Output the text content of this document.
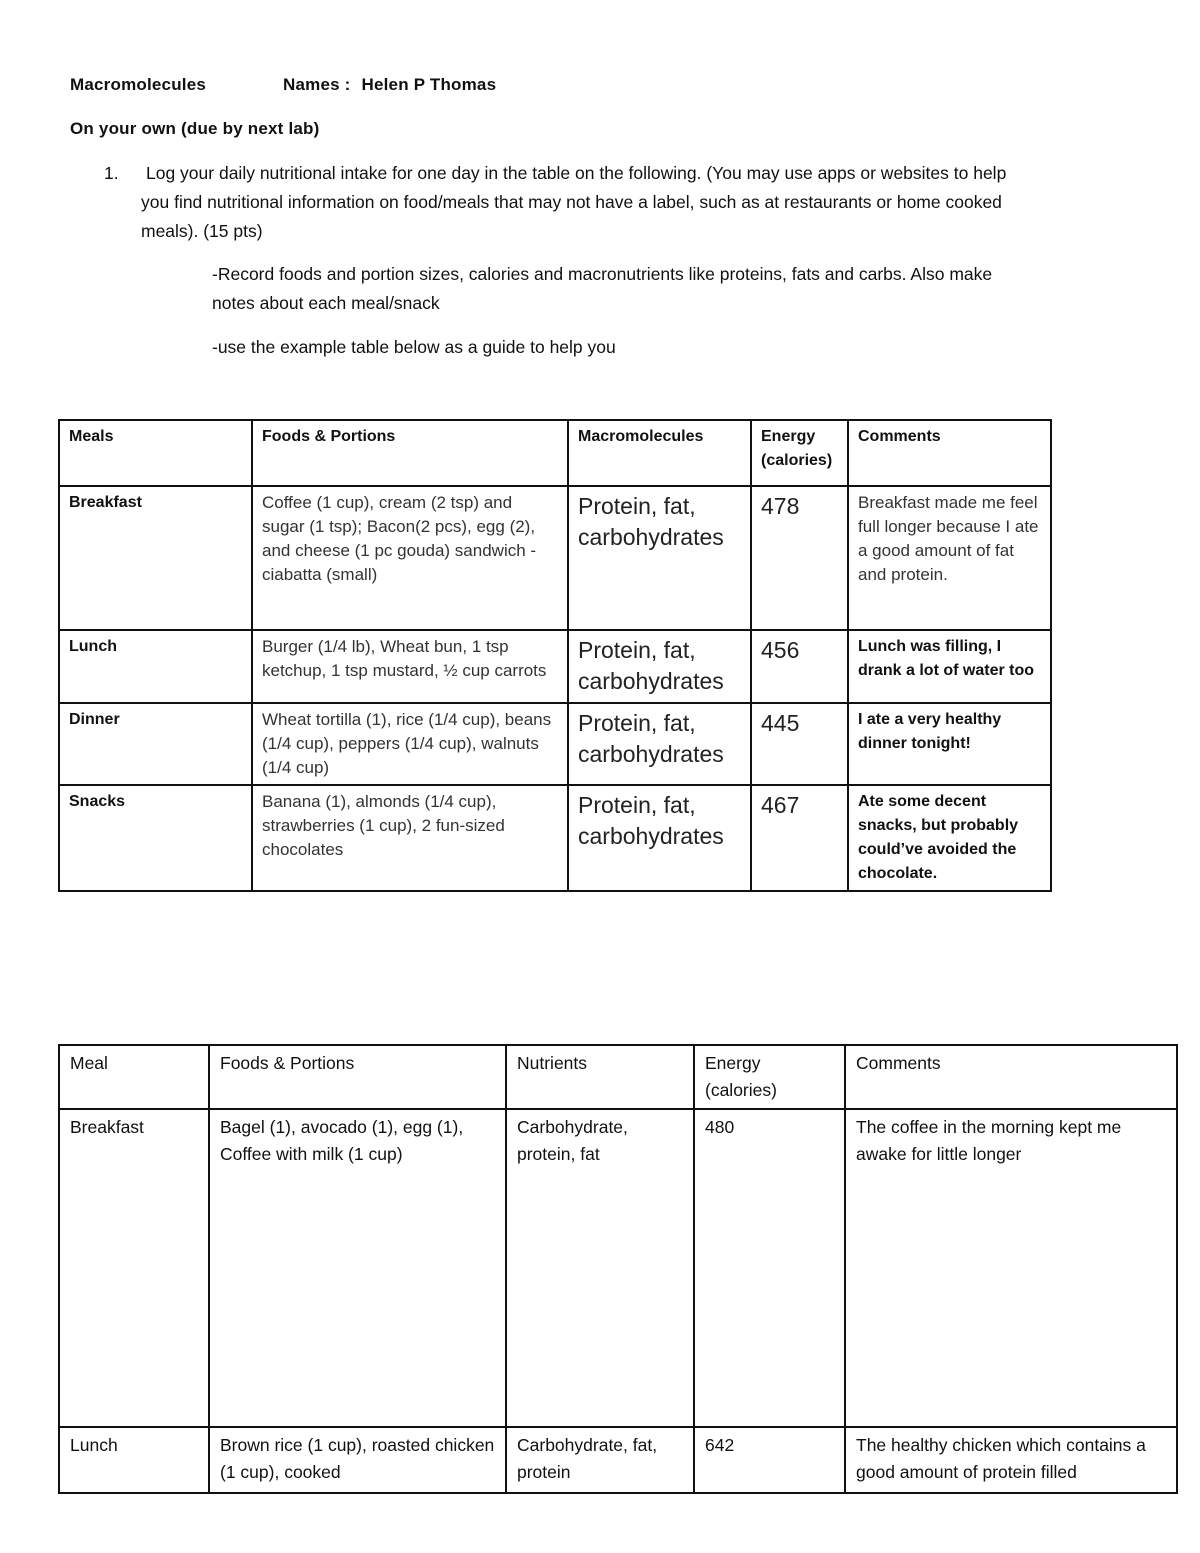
Macromolecules	Names : Helen P Thomas
On your own (due by next lab)
1. Log your daily nutritional intake for one day in the table on the following. (You may use apps or websites to help
you find nutritional information on food/meals that may not have a label, such as at restaurants or home cooked
meals). (15 pts)
-Record foods and portion sizes, calories and macronutrients like proteins, fats and carbs. Also make
notes about each meal/snack
-use the example table below as a guide to help you
Meals	Foods & Portions	Macromolecules	Energy (calories)	Comments
Breakfast	Coffee (1 cup), cream (2 tsp) and sugar (1 tsp); Bacon(2 pcs), egg (2), and cheese (1 pc gouda) sandwich - ciabatta (small)	Protein, fat, carbohydrates	478	Breakfast made me feel full longer because I ate a good amount of fat and protein.
Lunch	Burger (1/4 lb), Wheat bun, 1 tsp ketchup, 1 tsp mustard, ½ cup carrots	Protein, fat, carbohydrates	456	Lunch was filling, I drank a lot of water too
Dinner	Wheat tortilla (1), rice (1/4 cup), beans (1/4 cup), peppers (1/4 cup), walnuts (1/4 cup)	Protein, fat, carbohydrates	445	I ate a very healthy dinner tonight!
Snacks	Banana (1), almonds (1/4 cup), strawberries (1 cup), 2 fun-sized chocolates	Protein, fat, carbohydrates	467	Ate some decent snacks, but probably could’ve avoided the chocolate.
Meal	Foods & Portions	Nutrients	Energy (calories)	Comments
Breakfast	Bagel (1), avocado (1), egg (1), Coffee with milk (1 cup)	Carbohydrate, protein, fat	480	The coffee in the morning kept me awake for little longer
Lunch	Brown rice (1 cup), roasted chicken (1 cup), cooked	Carbohydrate, fat, protein	642	The healthy chicken which contains a good amount of protein filled
